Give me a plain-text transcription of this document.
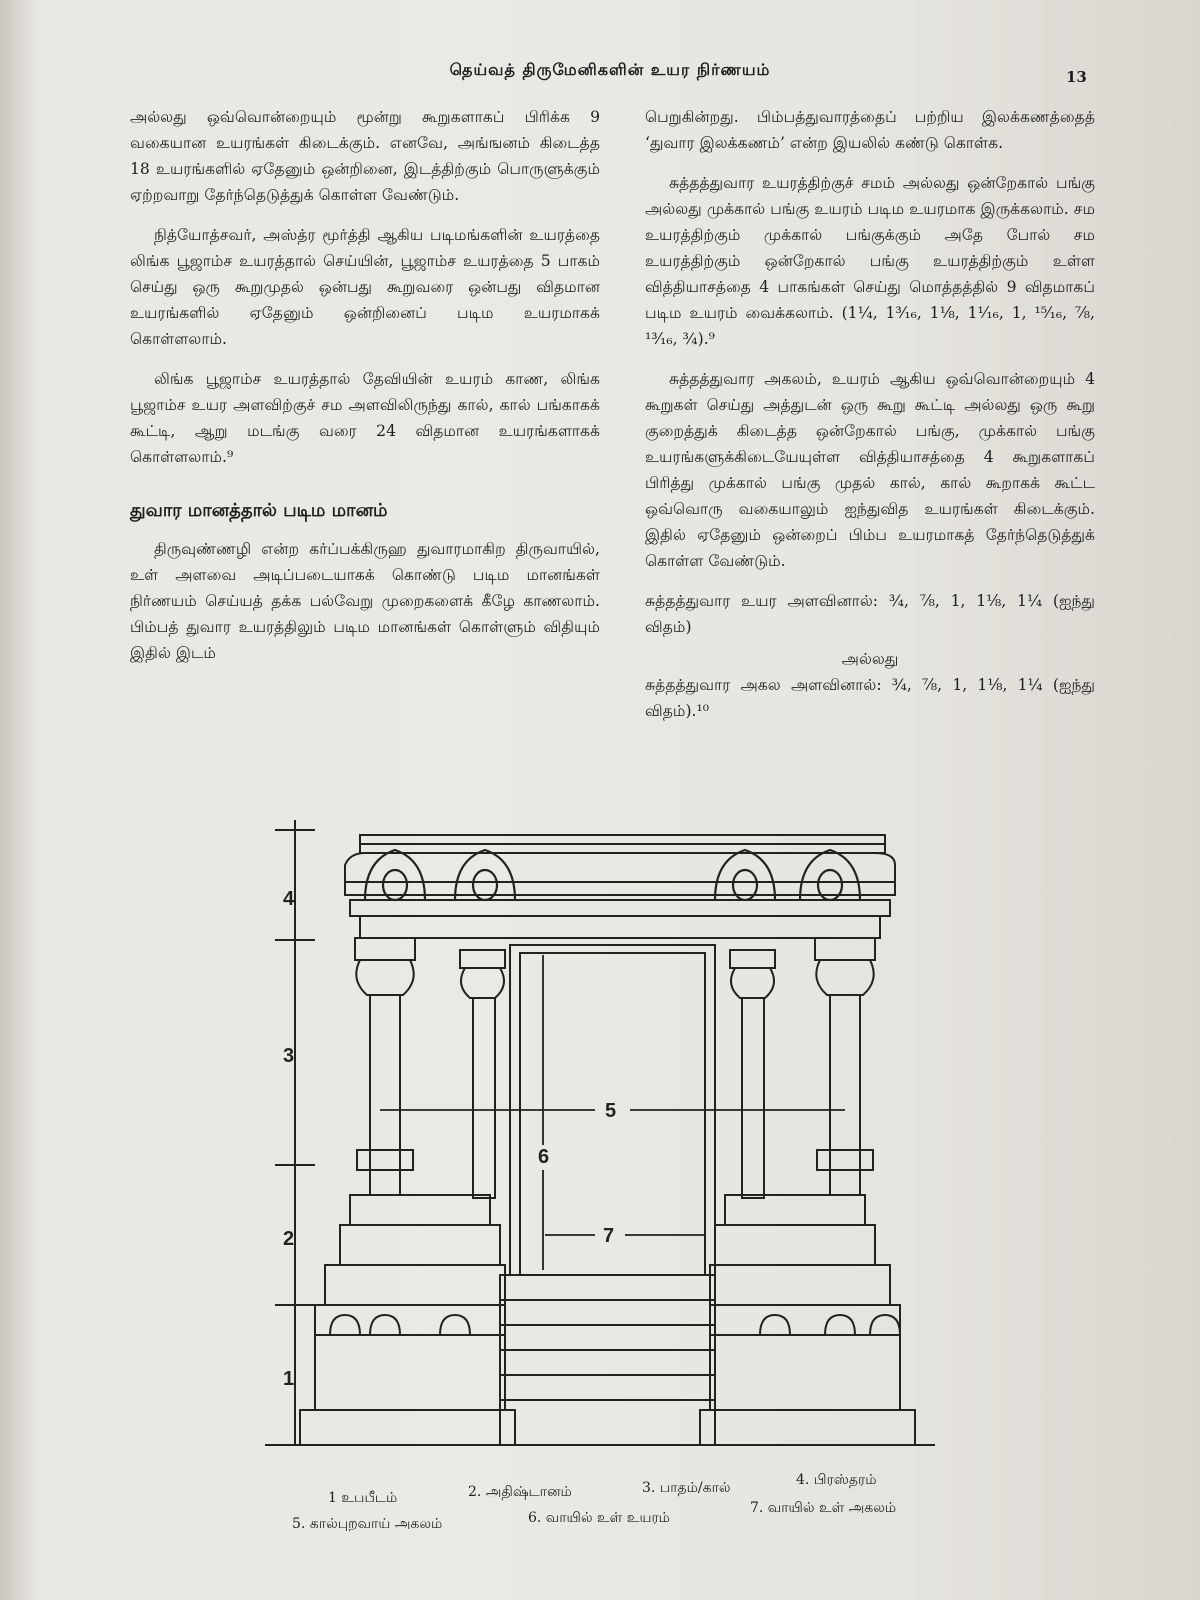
தெய்வத் திருமேனிகளின் உயர நிர்ணயம்	13

அல்லது ஒவ்வொன்றையும் மூன்று கூறுகளாகப் பிரிக்க 9 வகையான உயரங்கள் கிடைக்கும். எனவே, அங்ஙனம் கிடைத்த 18 உயரங்களில் ஏதேனும் ஒன்றினை, இடத்திற்கும் பொருளுக்கும் ஏற்றவாறு தேர்ந்தெடுத்துக் கொள்ள வேண்டும்.

நித்யோத்சவர், அஸ்த்ர மூர்த்தி ஆகிய படிமங்களின் உயரத்தை லிங்க பூஜாம்ச உயரத்தால் செய்யின், பூஜாம்ச உயரத்தை 5 பாகம் செய்து ஒரு கூறுமுதல் ஒன்பது கூறுவரை ஒன்பது விதமான உயரங்களில் ஏதேனும் ஒன்றினைப் படிம உயரமாகக் கொள்ளலாம்.

லிங்க பூஜாம்ச உயரத்தால் தேவியின் உயரம் காண, லிங்க பூஜாம்ச உயர அளவிற்குச் சம அளவிலிருந்து கால், கால் பங்காகக் கூட்டி, ஆறு மடங்கு வரை 24 விதமான உயரங்களாகக் கொள்ளலாம்.⁹

துவார மானத்தால் படிம மானம்

திருவுண்ணழி என்ற கர்ப்பக்கிருஹ துவாரமாகிற திருவாயில், உள் அளவை அடிப்படையாகக் கொண்டு படிம மானங்கள் நிர்ணயம் செய்யத் தக்க பல்வேறு முறைகளைக் கீழே காணலாம். பிம்பத் துவார உயரத்திலும் படிம மானங்கள் கொள்ளும் விதியும் இதில் இடம்

பெறுகின்றது. பிம்பத்துவாரத்தைப் பற்றிய இலக்கணத்தைத் ‘துவார இலக்கணம்’ என்ற இயலில் கண்டு கொள்க.

சுத்தத்துவார உயரத்திற்குச் சமம் அல்லது ஒன்றேகால் பங்கு அல்லது முக்கால் பங்கு உயரம் படிம உயரமாக இருக்கலாம். சம உயரத்திற்கும் முக்கால் பங்குக்கும் அதே போல் சம உயரத்திற்கும் ஒன்றேகால் பங்கு உயரத்திற்கும் உள்ள வித்தியாசத்தை 4 பாகங்கள் செய்து மொத்தத்தில் 9 விதமாகப் படிம உயரம் வைக்கலாம். (1¼, 1³⁄₁₆, 1⅛, 1¹⁄₁₆, 1, ¹⁵⁄₁₆, ⅞, ¹³⁄₁₆, ¾).⁹

சுத்தத்துவார அகலம், உயரம் ஆகிய ஒவ்வொன்றையும் 4 கூறுகள் செய்து அத்துடன் ஒரு கூறு கூட்டி அல்லது ஒரு கூறு குறைத்துக் கிடைத்த ஒன்றேகால் பங்கு, முக்கால் பங்கு உயரங்களுக்கிடையேயுள்ள வித்தியாசத்தை 4 கூறுகளாகப் பிரித்து முக்கால் பங்கு முதல் கால், கால் கூறாகக் கூட்ட ஒவ்வொரு வகையாலும் ஐந்துவித உயரங்கள் கிடைக்கும். இதில் ஏதேனும் ஒன்றைப் பிம்ப உயரமாகத் தேர்ந்தெடுத்துக் கொள்ள வேண்டும்.

சுத்தத்துவார உயர அளவினால்: ¾, ⅞, 1, 1⅛, 1¼ (ஐந்து விதம்)

அல்லது

சுத்தத்துவார அகல அளவினால்: ¾, ⅞, 1, 1⅛, 1¼ (ஐந்து விதம்).¹⁰

4
3
2
1
5
6
7
1 உபபீடம்	2. அதிஷ்டானம்	3. பாதம்/கால்	4. பிரஸ்தரம்
5. கால்புறவாய் அகலம்	6. வாயில் உள் உயரம்
7. வாயில் உள் அகலம்
